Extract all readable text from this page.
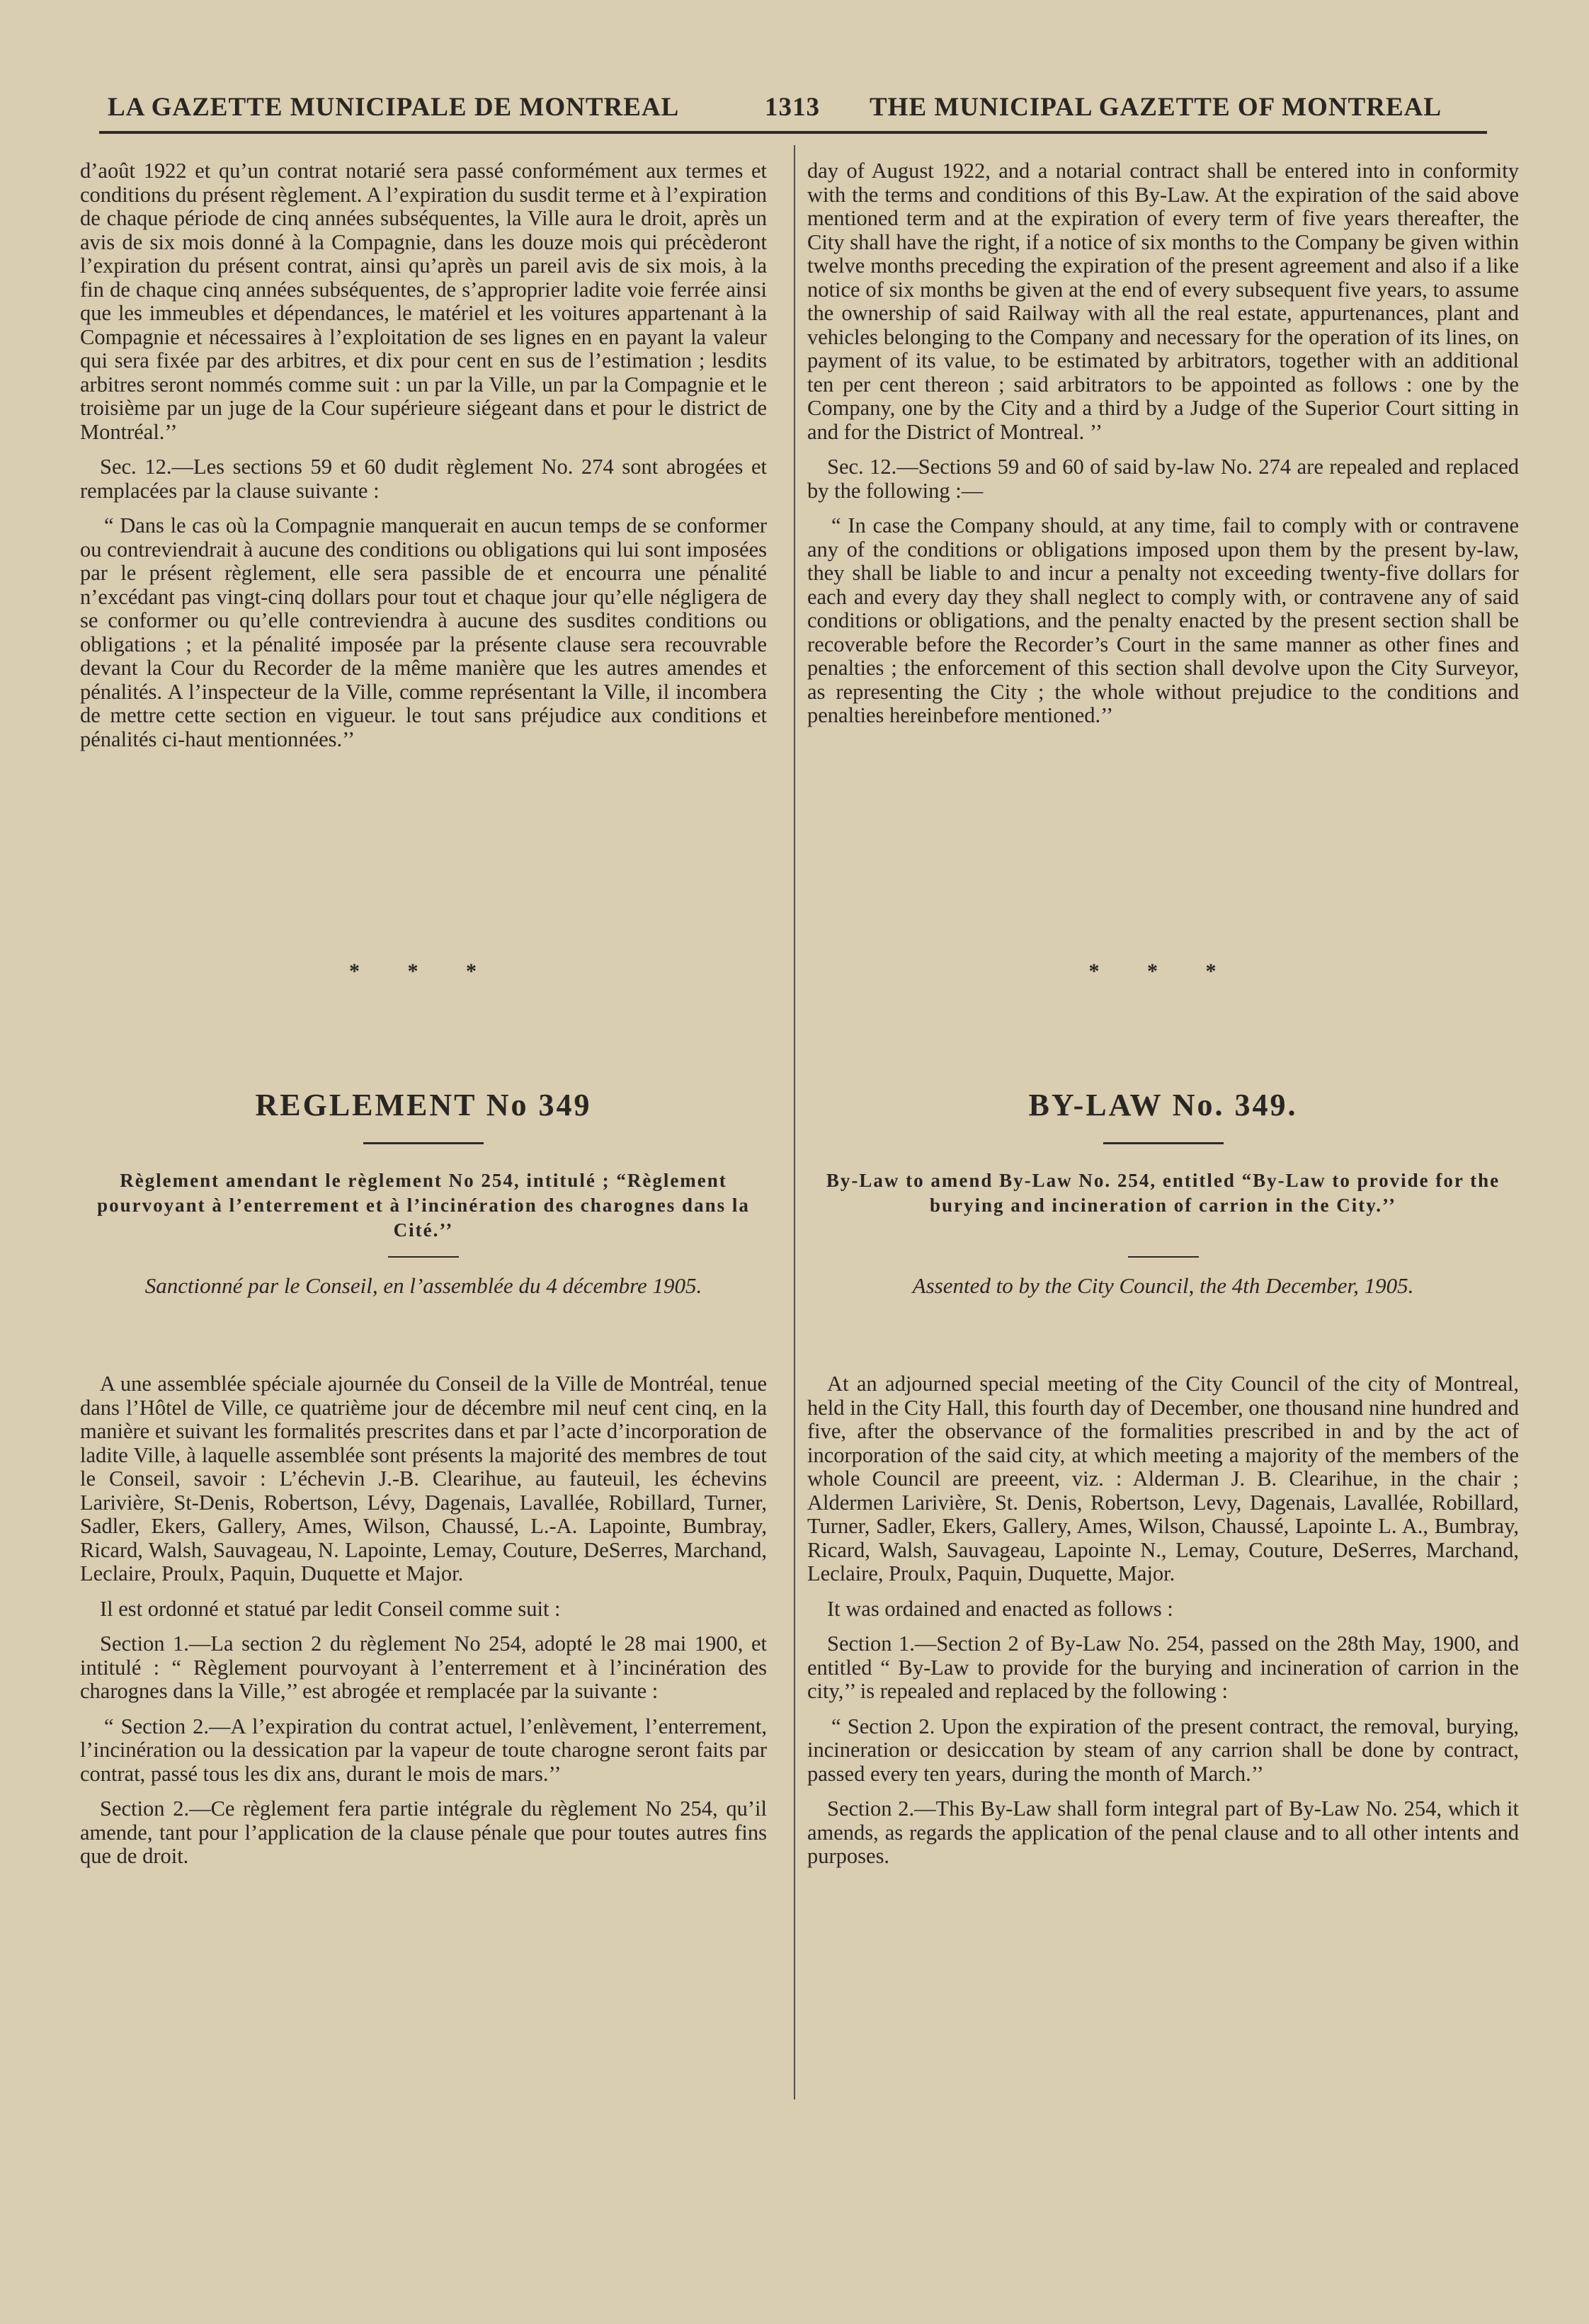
LA GAZETTE MUNICIPALE DE MONTREAL	1313 THE MUNICIPAL GAZETTE OF MONTREAL

d’août 1922 et qu’un contrat notarié sera passé conformément aux termes et conditions du présent règlement. A l’expiration du susdit terme et à l’expiration de chaque période de cinq années subséquentes, la Ville aura le droit, après un avis de six mois donné à la Compagnie, dans les douze mois qui précèderont l’expiration du présent contrat, ainsi qu’après un pareil avis de six mois, à la fin de chaque cinq années subséquentes, de s’approprier ladite voie ferrée ainsi que les immeubles et dépendances, le matériel et les voitures appartenant à la Compagnie et nécessaires à l’exploitation de ses lignes en en payant la valeur qui sera fixée par des arbitres, et dix pour cent en sus de l’estimation ; lesdits arbitres seront nommés comme suit : un par la Ville, un par la Compagnie et le troisième par un juge de la Cour supérieure siégeant dans et pour le district de Montréal.’’

Sec. 12.—Les sections 59 et 60 dudit règlement No. 274 sont abrogées et remplacées par la clause suivante :

“ Dans le cas où la Compagnie manquerait en aucun temps de se conformer ou contreviendrait à aucune des conditions ou obligations qui lui sont imposées par le présent règlement, elle sera passible de et encourra une pénalité n’excédant pas vingt-cinq dollars pour tout et chaque jour qu’elle négligera de se conformer ou qu’elle contreviendra à aucune des susdites conditions ou obligations ; et la pénalité imposée par la présente clause sera recouvrable devant la Cour du Recorder de la même manière que les autres amendes et pénalités. A l’inspecteur de la Ville, comme représentant la Ville, il incombera de mettre cette section en vigueur. le tout sans préjudice aux conditions et pénalités ci-haut mentionnées.’’

* * *
REGLEMENT No 349
Règlement amendant le règlement No 254, intitulé ; “Règlement pourvoyant à l’enterrement et à l’incinération des charognes dans la Cité.’’
Sanctionné par le Conseil, en l’assemblée du 4 décembre 1905.

A une assemblée spéciale ajournée du Conseil de la Ville de Montréal, tenue dans l’Hôtel de Ville, ce quatrième jour de décembre mil neuf cent cinq, en la manière et suivant les formalités prescrites dans et par l’acte d’incorporation de ladite Ville, à laquelle assemblée sont présents la majorité des membres de tout le Conseil, savoir : L’échevin J.-B. Clearihue, au fauteuil, les échevins Larivière, St-Denis, Robertson, Lévy, Dagenais, Lavallée, Robillard, Turner, Sadler, Ekers, Gallery, Ames, Wilson, Chaussé, L.-A. Lapointe, Bumbray, Ricard, Walsh, Sauvageau, N. Lapointe, Lemay, Couture, DeSerres, Marchand, Leclaire, Proulx, Paquin, Duquette et Major.

Il est ordonné et statué par ledit Conseil comme suit :

Section 1.—La section 2 du règlement No 254, adopté le 28 mai 1900, et intitulé : “ Règlement pourvoyant à l’enterrement et à l’incinération des charognes dans la Ville,’’ est abrogée et remplacée par la suivante :

“ Section 2.—A l’expiration du contrat actuel, l’enlèvement, l’enterrement, l’incinération ou la dessication par la vapeur de toute charogne seront faits par contrat, passé tous les dix ans, durant le mois de mars.’’

Section 2.—Ce règlement fera partie intégrale du règlement No 254, qu’il amende, tant pour l’application de la clause pénale que pour toutes autres fins que de droit.

day of August 1922, and a notarial contract shall be entered into in conformity with the terms and conditions of this By-Law. At the expiration of the said above mentioned term and at the expiration of every term of five years thereafter, the City shall have the right, if a notice of six months to the Company be given within twelve months preceding the expiration of the present agreement and also if a like notice of six months be given at the end of every subsequent five years, to assume the ownership of said Railway with all the real estate, appurtenances, plant and vehicles belonging to the Company and necessary for the operation of its lines, on payment of its value, to be estimated by arbitrators, together with an additional ten per cent thereon ; said arbitrators to be appointed as follows : one by the Company, one by the City and a third by a Judge of the Superior Court sitting in and for the District of Montreal. ’’

Sec. 12.—Sections 59 and 60 of said by-law No. 274 are repealed and replaced by the following :—

“ In case the Company should, at any time, fail to comply with or contravene any of the conditions or obligations imposed upon them by the present by-law, they shall be liable to and incur a penalty not exceeding twenty-five dollars for each and every day they shall neglect to comply with, or contravene any of said conditions or obligations, and the penalty enacted by the present section shall be recoverable before the Recorder’s Court in the same manner as other fines and penalties ; the enforcement of this section shall devolve upon the City Surveyor, as representing the City ; the whole without prejudice to the conditions and penalties hereinbefore mentioned.’’

* * *
BY-LAW No. 349.
By-Law to amend By-Law No. 254, entitled “By-Law to provide for the burying and incineration of carrion in the City.’’
Assented to by the City Council, the 4th December, 1905.

At an adjourned special meeting of the City Council of the city of Montreal, held in the City Hall, this fourth day of December, one thousand nine hundred and five, after the observance of the formalities prescribed in and by the act of incorporation of the said city, at which meeting a majority of the members of the whole Council are preeent, viz. : Alderman J. B. Clearihue, in the chair ; Aldermen Larivière, St. Denis, Robertson, Levy, Dagenais, Lavallée, Robillard, Turner, Sadler, Ekers, Gallery, Ames, Wilson, Chaussé, Lapointe L. A., Bumbray, Ricard, Walsh, Sauvageau, Lapointe N., Lemay, Couture, DeSerres, Marchand, Leclaire, Proulx, Paquin, Duquette, Major.

It was ordained and enacted as follows :

Section 1.—Section 2 of By-Law No. 254, passed on the 28th May, 1900, and entitled “ By-Law to provide for the burying and incineration of carrion in the city,’’ is repealed and replaced by the following :

“ Section 2. Upon the expiration of the present contract, the removal, burying, incineration or desiccation by steam of any carrion shall be done by contract, passed every ten years, during the month of March.’’

Section 2.—This By-Law shall form integral part of By-Law No. 254, which it amends, as regards the application of the penal clause and to all other intents and purposes.
